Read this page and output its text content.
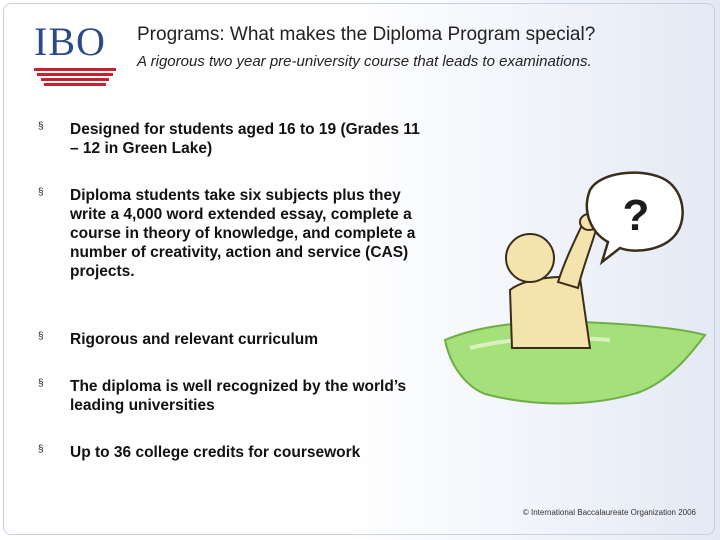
IBO Programs: What makes the Diploma Program special?
A rigorous two year pre-university course that leads to examinations.
§ Designed for students aged 16 to 19 (Grades 11 – 12 in Green Lake)
§ Diploma students take six subjects plus they write a 4,000 word extended essay, complete a course in theory of knowledge, and complete a number of creativity, action and service (CAS) projects.
§ Rigorous and relevant curriculum
§ The diploma is well recognized by the world’s leading universities
§ Up to 36 college credits for coursework
?
© International Baccalaureate Organization 2006
